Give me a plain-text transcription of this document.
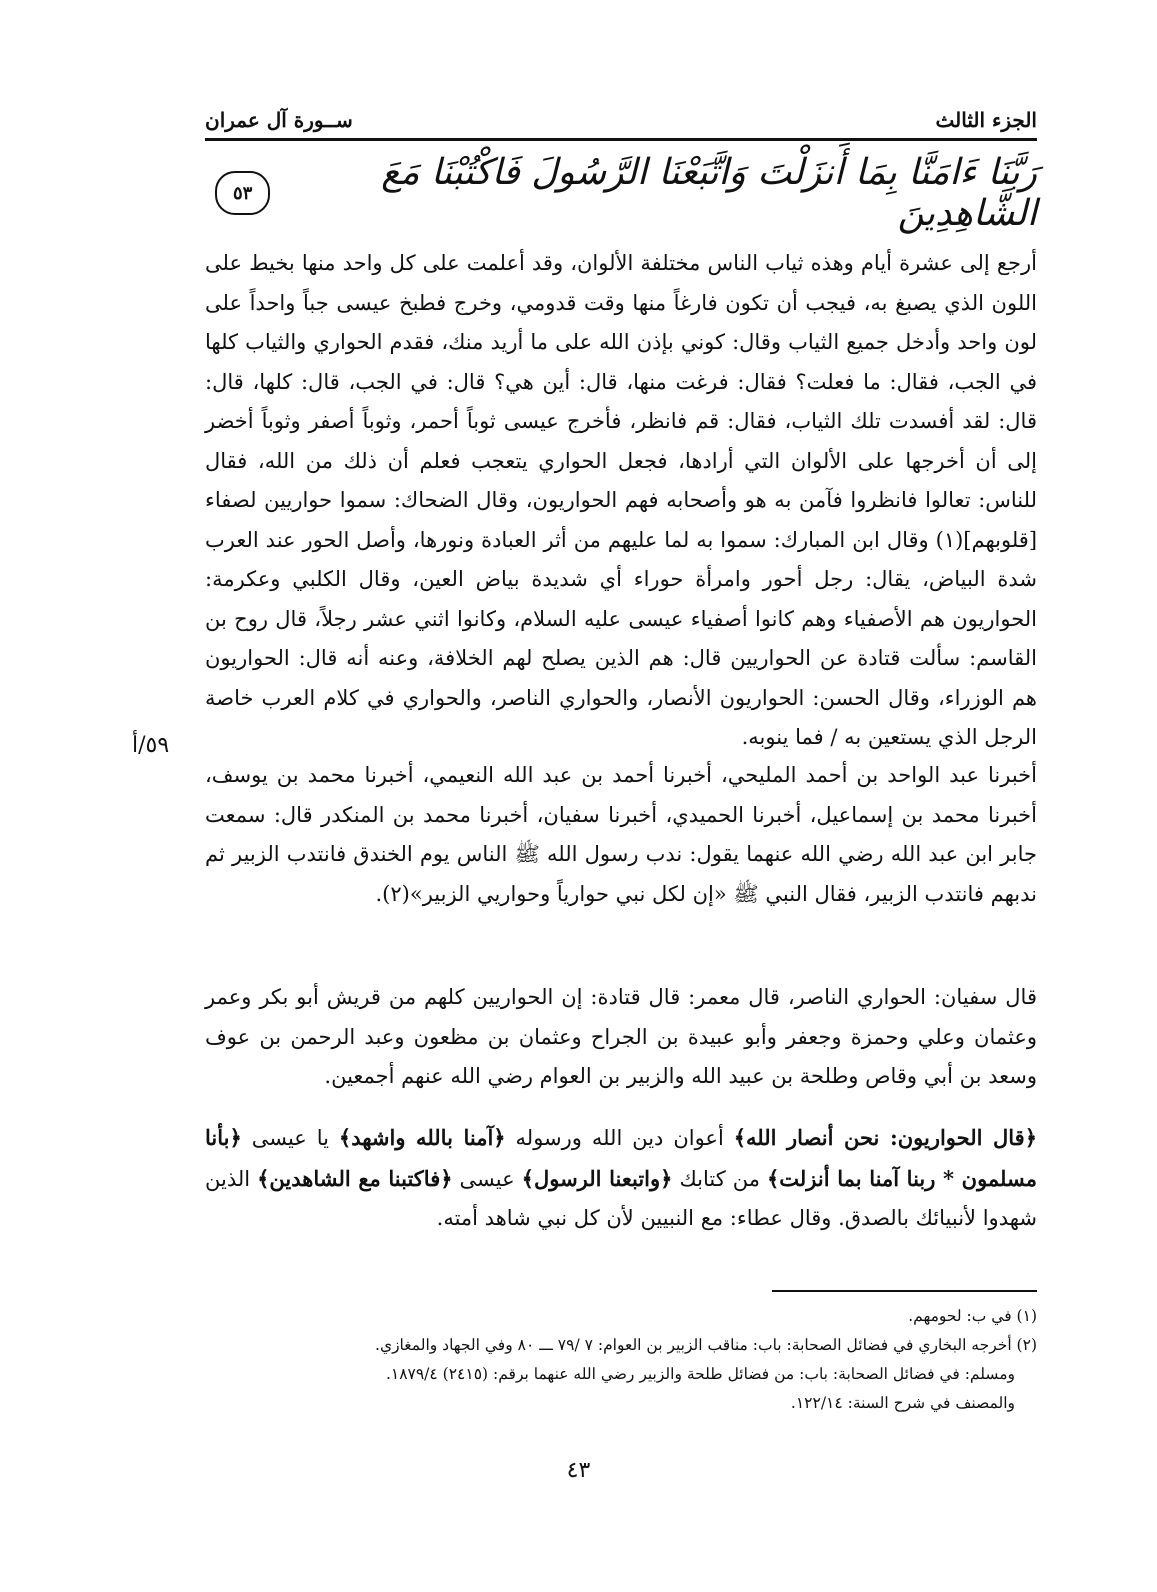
الجزء الثالث
ســورة آل عمران
رَبَّنَا ءَامَنَّا بِمَا أَنزَلْتَ وَاتَّبَعْنَا الرَّسُولَ فَاكْتُبْنَا مَعَ الشَّاهِدِينَ
٥٣

أرجع إلى عشرة أيام وهذه ثياب الناس مختلفة الألوان، وقد أعلمت على كل واحد منها بخيط على اللون الذي يصبغ به، فيجب أن تكون فارغاً منها وقت قدومي، وخرج فطبخ عيسى جباً واحداً على لون واحد وأدخل جميع الثياب وقال: كوني بإذن الله على ما أريد منك، فقدم الحواري والثياب كلها في الجب، فقال: ما فعلت؟ فقال: فرغت منها، قال: أين هي؟ قال: في الجب، قال: كلها، قال: قال: لقد أفسدت تلك الثياب، فقال: قم فانظر، فأخرج عيسى ثوباً أحمر، وثوباً أصفر وثوباً أخضر إلى أن أخرجها على الألوان التي أرادها، فجعل الحواري يتعجب فعلم أن ذلك من الله، فقال للناس: تعالوا فانظروا فآمن به هو وأصحابه فهم الحواريون، وقال الضحاك: سموا حواريين لصفاء [قلوبهم](١) وقال ابن المبارك: سموا به لما عليهم من أثر العبادة ونورها، وأصل الحور عند العرب شدة البياض، يقال: رجل أحور وامرأة حوراء أي شديدة بياض العين، وقال الكلبي وعكرمة: الحواريون هم الأصفياء وهم كانوا أصفياء عيسى عليه السلام، وكانوا اثني عشر رجلاً، قال روح بن القاسم: سألت قتادة عن الحواريين قال: هم الذين يصلح لهم الخلافة، وعنه أنه قال: الحواريون هم الوزراء، وقال الحسن: الحواريون الأنصار، والحواري الناصر، والحواري في كلام العرب خاصة الرجل الذي يستعين به / فما ينوبه.

٥٩/أ

أخبرنا عبد الواحد بن أحمد المليحي، أخبرنا أحمد بن عبد الله النعيمي، أخبرنا محمد بن يوسف، أخبرنا محمد بن إسماعيل، أخبرنا الحميدي، أخبرنا سفيان، أخبرنا محمد بن المنكدر قال: سمعت جابر ابن عبد الله رضي الله عنهما يقول: ندب رسول الله ﷺ الناس يوم الخندق فانتدب الزبير ثم ندبهم فانتدب الزبير، فقال النبي ﷺ «إن لكل نبي حوارياً وحواريي الزبير»(٢).

قال سفيان: الحواري الناصر، قال معمر: قال قتادة: إن الحواريين كلهم من قريش أبو بكر وعمر وعثمان وعلي وحمزة وجعفر وأبو عبيدة بن الجراح وعثمان بن مظعون وعبد الرحمن بن عوف وسعد بن أبي وقاص وطلحة بن عبيد الله والزبير بن العوام رضي الله عنهم أجمعين.

﴿قال الحواريون: نحن أنصار الله﴾ أعوان دين الله ورسوله ﴿آمنا بالله واشهد﴾ يا عيسى ﴿بأنا مسلمون * ربنا آمنا بما أنزلت﴾ من كتابك ﴿واتبعنا الرسول﴾ عيسى ﴿فاكتبنا مع الشاهدين﴾ الذين شهدوا لأنبيائك بالصدق. وقال عطاء: مع النبيين لأن كل نبي شاهد أمته.

(١) في ب: لحومهم.
(٢) أخرجه البخاري في فضائل الصحابة: باب: مناقب الزبير بن العوام: ٧ /٧٩ ـــ ٨٠ وفي الجهاد والمغازي.
ومسلم: في فضائل الصحابة: باب: من فضائل طلحة والزبير رضي الله عنهما برقم: (٢٤١٥) ١٨٧٩/٤.
والمصنف في شرح السنة: ١٢٢/١٤.
٤٣
